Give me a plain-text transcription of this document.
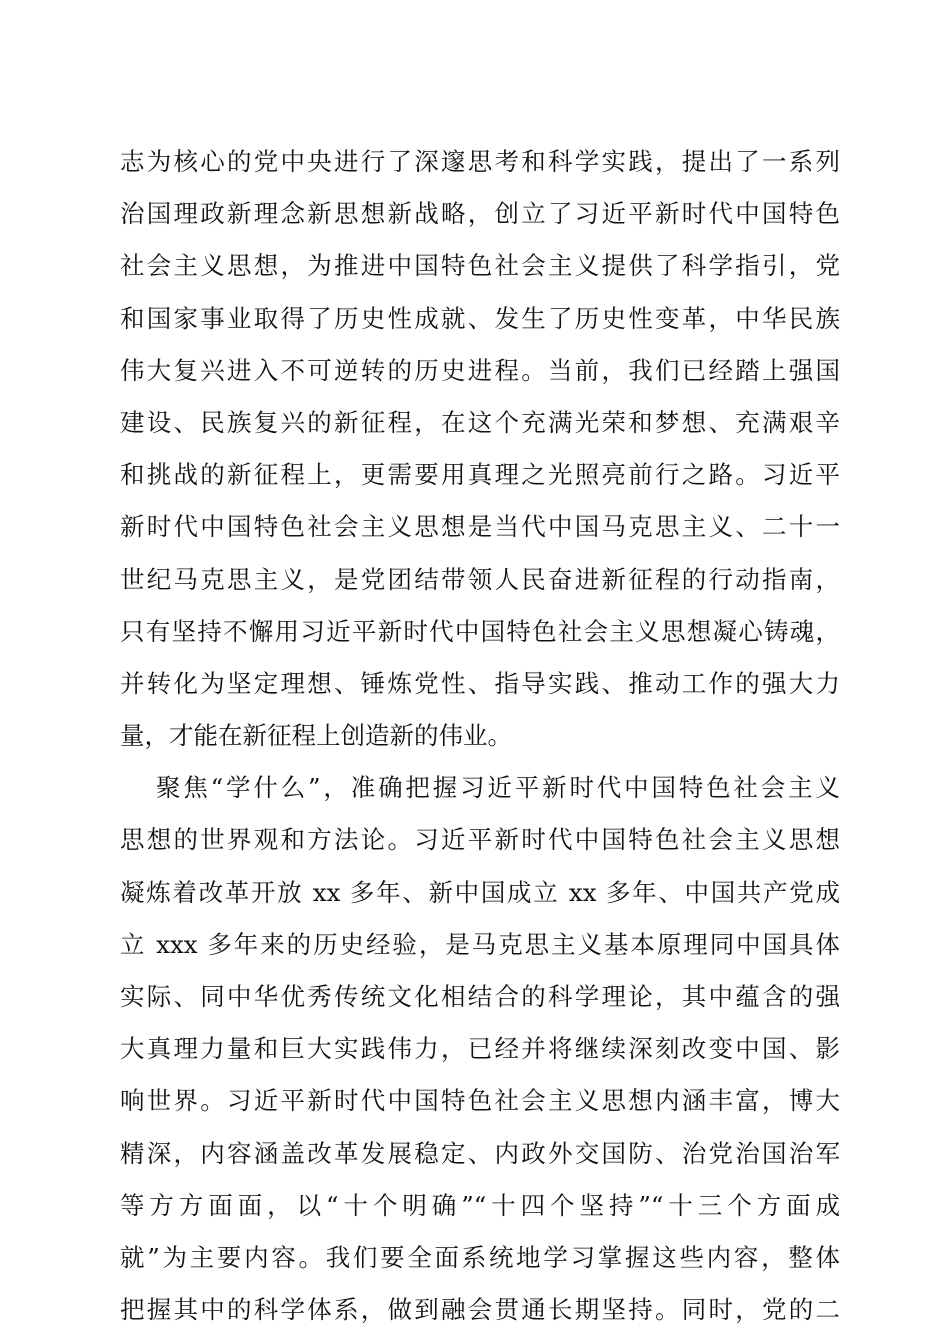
志为核心的党中央进行了深邃思考和科学实践，提出了一系列
治国理政新理念新思想新战略，创立了习近平新时代中国特色
社会主义思想，为推进中国特色社会主义提供了科学指引，党
和国家事业取得了历史性成就、发生了历史性变革，中华民族
伟大复兴进入不可逆转的历史进程。当前，我们已经踏上强国
建设、民族复兴的新征程，在这个充满光荣和梦想、充满艰辛
和挑战的新征程上，更需要用真理之光照亮前行之路。习近平
新时代中国特色社会主义思想是当代中国马克思主义、二十一
世纪马克思主义，是党团结带领人民奋进新征程的行动指南，
只有坚持不懈用习近平新时代中国特色社会主义思想凝心铸魂，
并转化为坚定理想、锤炼党性、指导实践、推动工作的强大力
量，才能在新征程上创造新的伟业。
聚焦“学什么”，准确把握习近平新时代中国特色社会主义
思想的世界观和方法论。习近平新时代中国特色社会主义思想
凝炼着改革开放 xx 多年、新中国成立 xx 多年、中国共产党成
立 xxx 多年来的历史经验，是马克思主义基本原理同中国具体
实际、同中华优秀传统文化相结合的科学理论，其中蕴含的强
大真理力量和巨大实践伟力，已经并将继续深刻改变中国、影
响世界。习近平新时代中国特色社会主义思想内涵丰富，博大
精深，内容涵盖改革发展稳定、内政外交国防、治党治国治军
等方方面面，以“十个明确”“十四个坚持”“十三个方面成
就”为主要内容。我们要全面系统地学习掌握这些内容，整体
把握其中的科学体系，做到融会贯通长期坚持。同时，党的二
